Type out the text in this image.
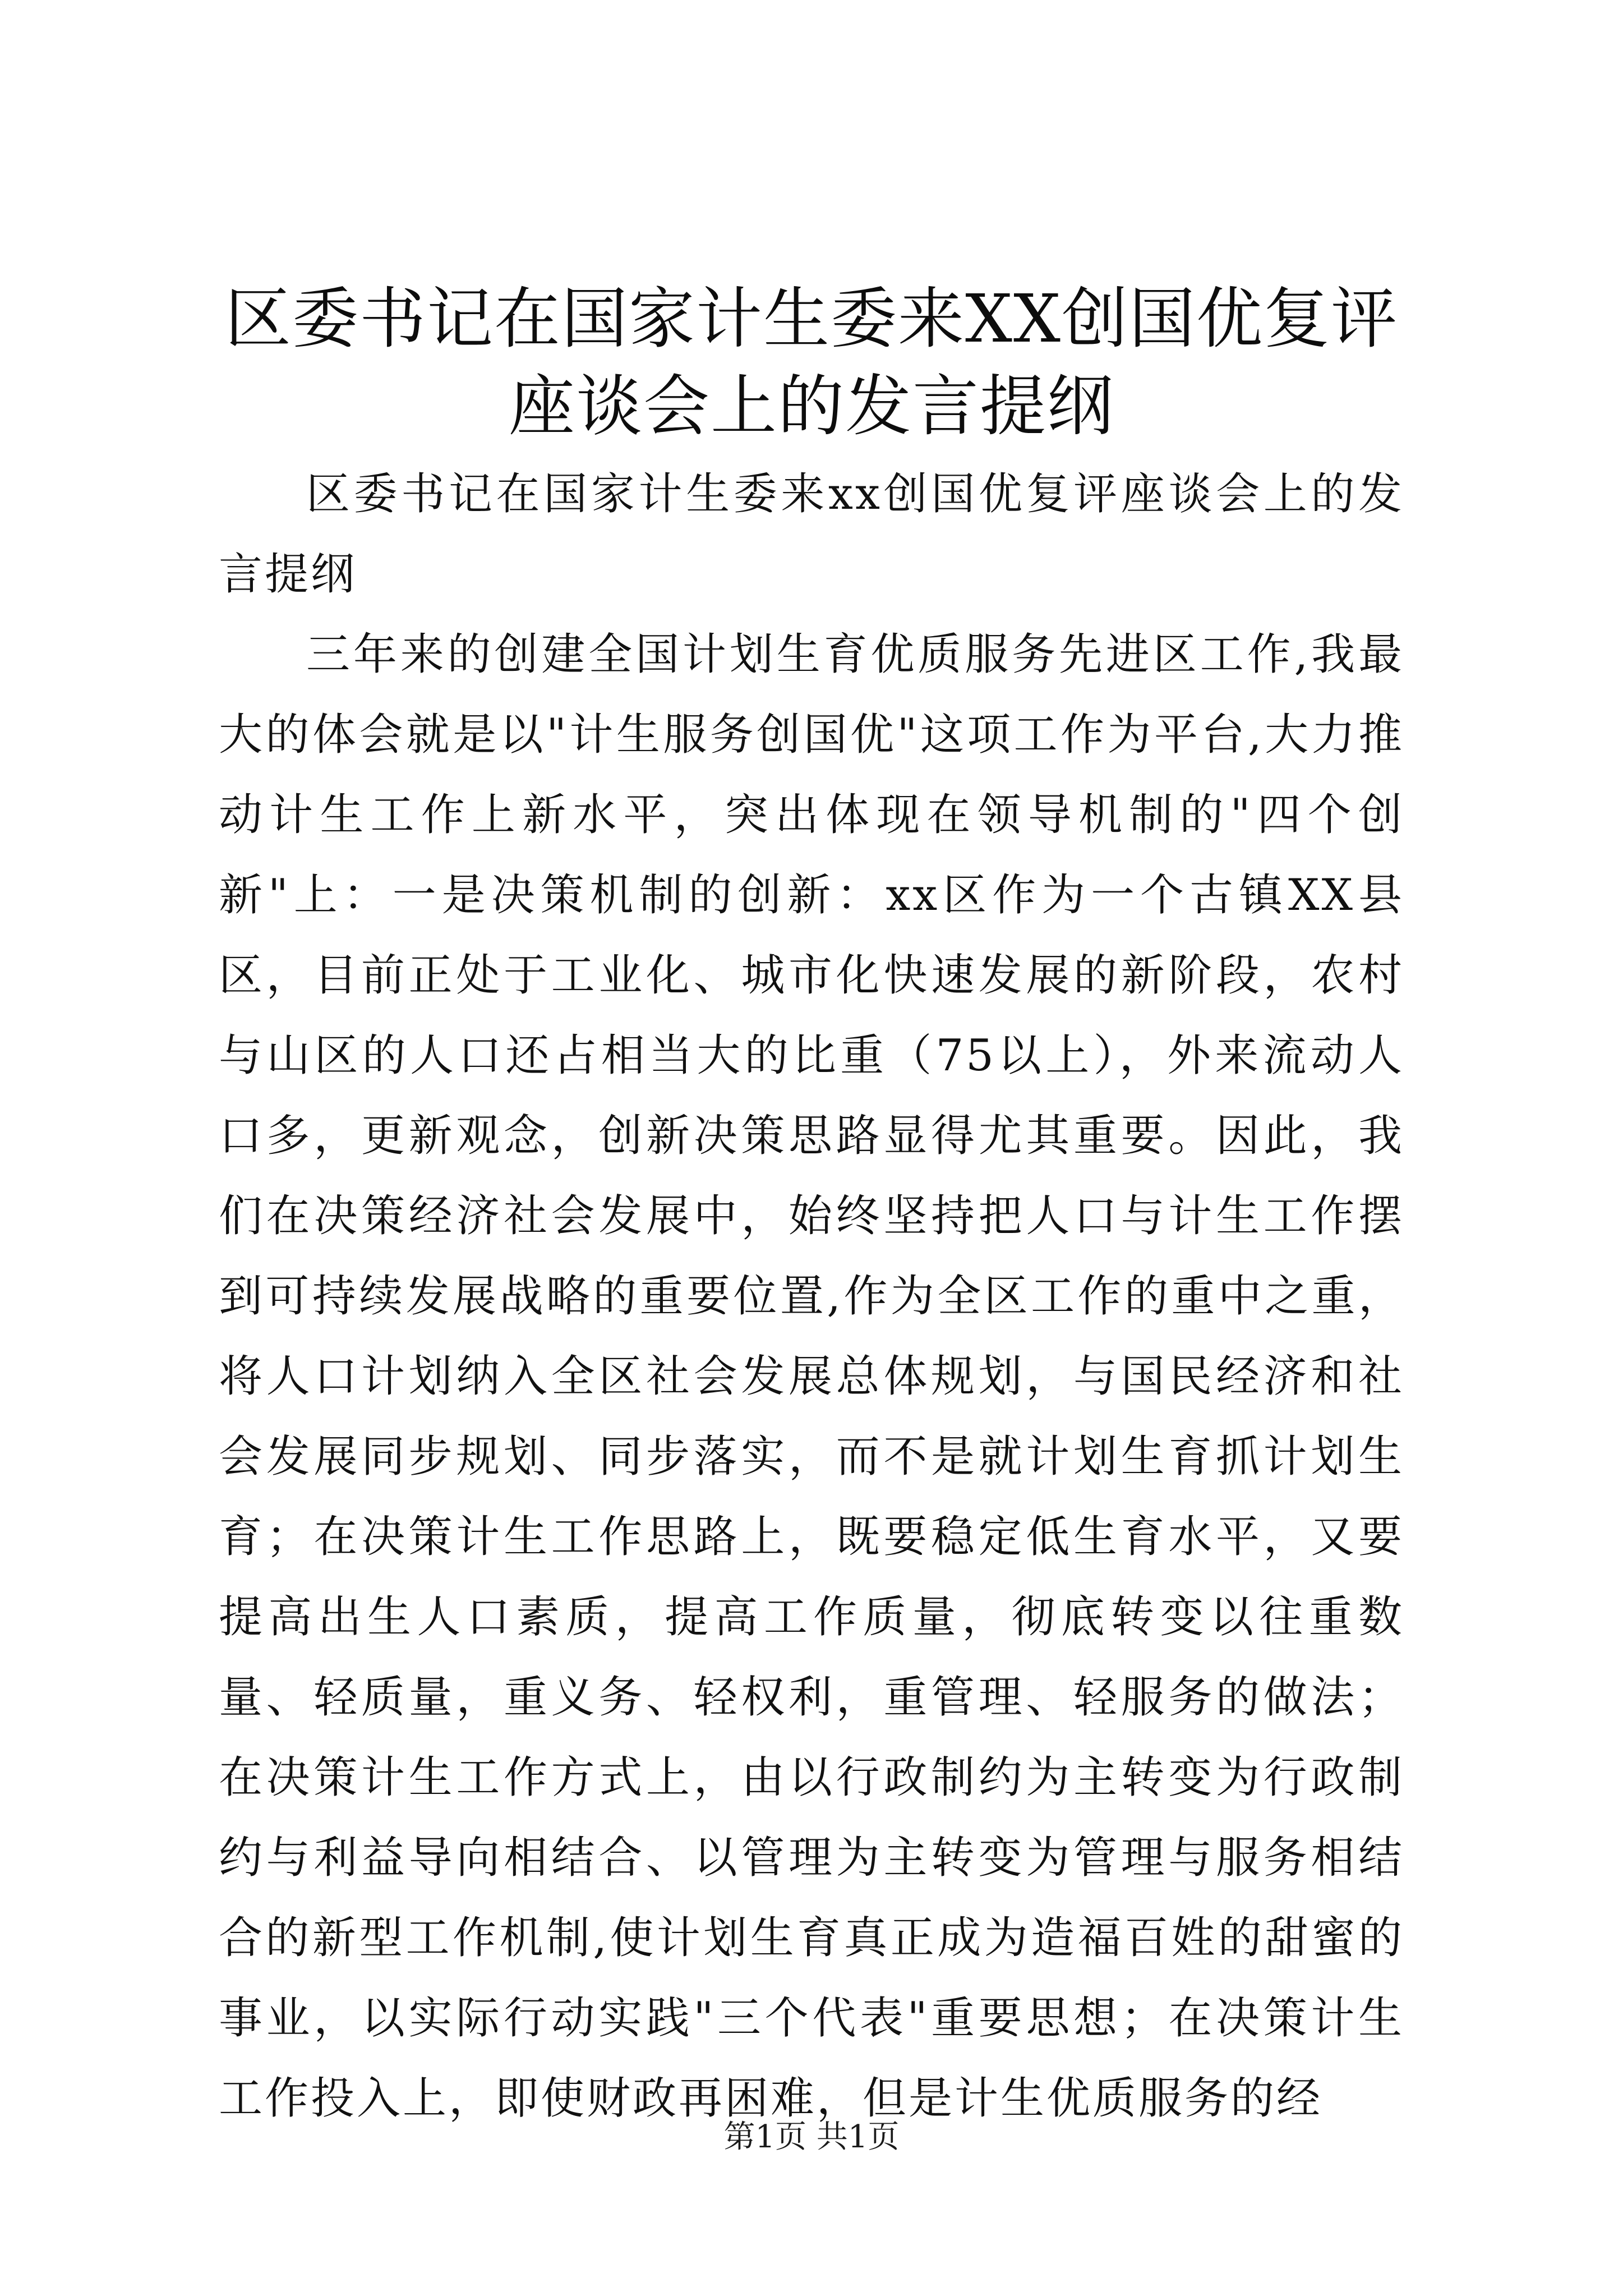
区委书记在国家计生委来XX创国优复评座谈会上的发言提纲

区委书记在国家计生委来xx创国优复评座谈会上的发言提纲

三年来的创建全国计划生育优质服务先进区工作,我最大的体会就是以"计生服务创国优"这项工作为平台,大力推动计生工作上新水平，突出体现在领导机制的"四个创新"上：一是决策机制的创新：xx区作为一个古镇XX县区，目前正处于工业化、城市化快速发展的新阶段，农村与山区的人口还占相当大的比重（75以上），外来流动人口多，更新观念，创新决策思路显得尤其重要。因此，我们在决策经济社会发展中，始终坚持把人口与计生工作摆到可持续发展战略的重要位置,作为全区工作的重中之重，将人口计划纳入全区社会发展总体规划，与国民经济和社会发展同步规划、同步落实，而不是就计划生育抓计划生育；在决策计生工作思路上，既要稳定低生育水平，又要提高出生人口素质，提高工作质量，彻底转变以往重数量、轻质量，重义务、轻权利，重管理、轻服务的做法；在决策计生工作方式上，由以行政制约为主转变为行政制约与利益导向相结合、以管理为主转变为管理与服务相结合的新型工作机制,使计划生育真正成为造福百姓的甜蜜的事业，以实际行动实践"三个代表"重要思想；在决策计生工作投入上，即使财政再困难，但是计生优质服务的经

第1页 共1页
